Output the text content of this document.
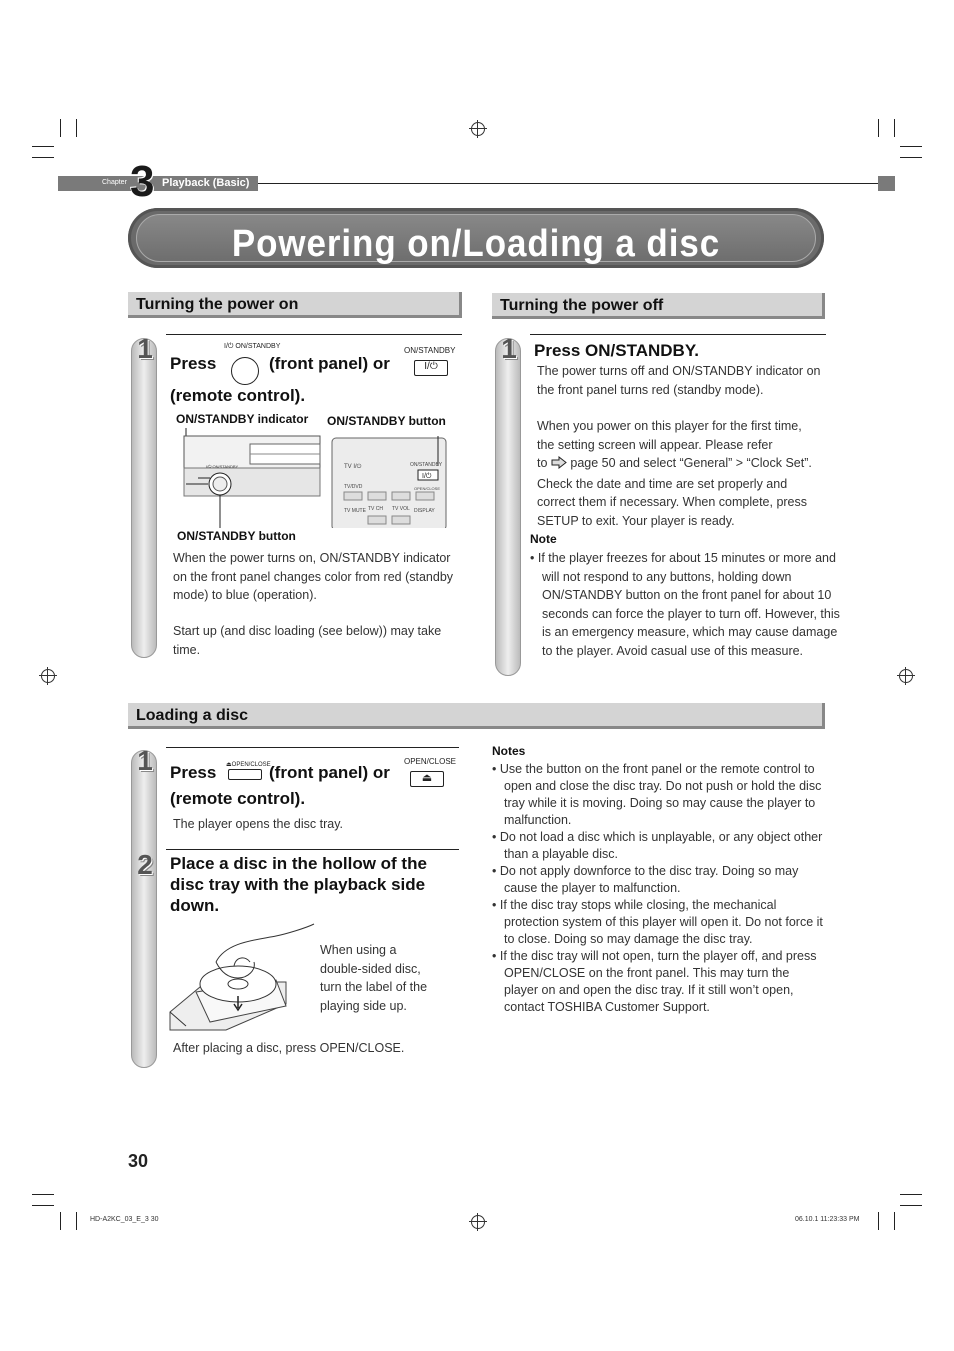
Chapter 3 Playback (Basic)
Powering on/Loading a disc
Turning the power on
1	I/⏻ ON/STANDBY
Press	(front panel) or
ON/STANDBY
I/⏻
(remote control).
ON/STANDBY indicator ON/STANDBY button
I/⏻ ON/STANDBY	TV I/⏻	ON/STANDBY
I/⏻
TV/DVD	OPEN/CLOSE
TV MUTE TV CH TV VOL DISPLAY
ON/STANDBY button
When the power turns on, ON/STANDBY indicator on the front panel changes color from red (standby mode) to blue (operation).
Start up (and disc loading (see below)) may take time.
Turning the power off
1	Press ON/STANDBY.
The power turns off and ON/STANDBY indicator on the front panel turns red (standby mode).
When you power on this player for the first time, the setting screen will appear. Please refer
to page 50 and select “General” > “Clock Set”. Check the date and time are set properly and correct them if necessary. When complete, press SETUP to exit. Your player is ready.
Note
• If the player freezes for about 15 minutes or more and will not respond to any buttons, holding down ON/STANDBY button on the front panel for about 10 seconds can force the player to turn off. However, this is an emergency measure, which may cause damage to the player. Avoid casual use of this measure.
Loading a disc
1	Press ⏏OPEN/CLOSE
(front panel) or
OPEN/CLOSE
⏏
(remote control).
The player opens the disc tray.
2	Place a disc in the hollow of the disc tray with the playback side down.
When using a double-sided disc, turn the label of the playing side up.
After placing a disc, press OPEN/CLOSE.
Notes
• Use the button on the front panel or the remote control to open and close the disc tray. Do not push or hold the disc tray while it is moving. Doing so may cause the player to malfunction.
• Do not load a disc which is unplayable, or any object other than a playable disc.
• Do not apply downforce to the disc tray. Doing so may cause the player to malfunction.
• If the disc tray stops while closing, the mechanical protection system of this player will open it. Do not force it to close. Doing so may damage the disc tray.
• If the disc tray will not open, turn the player off, and press OPEN/CLOSE on the front panel. This may turn the player on and open the disc tray. If it still won’t open, contact TOSHIBA Customer Support.
30
HD-A2KC_03_E_3 30	06.10.1 11:23:33 PM
